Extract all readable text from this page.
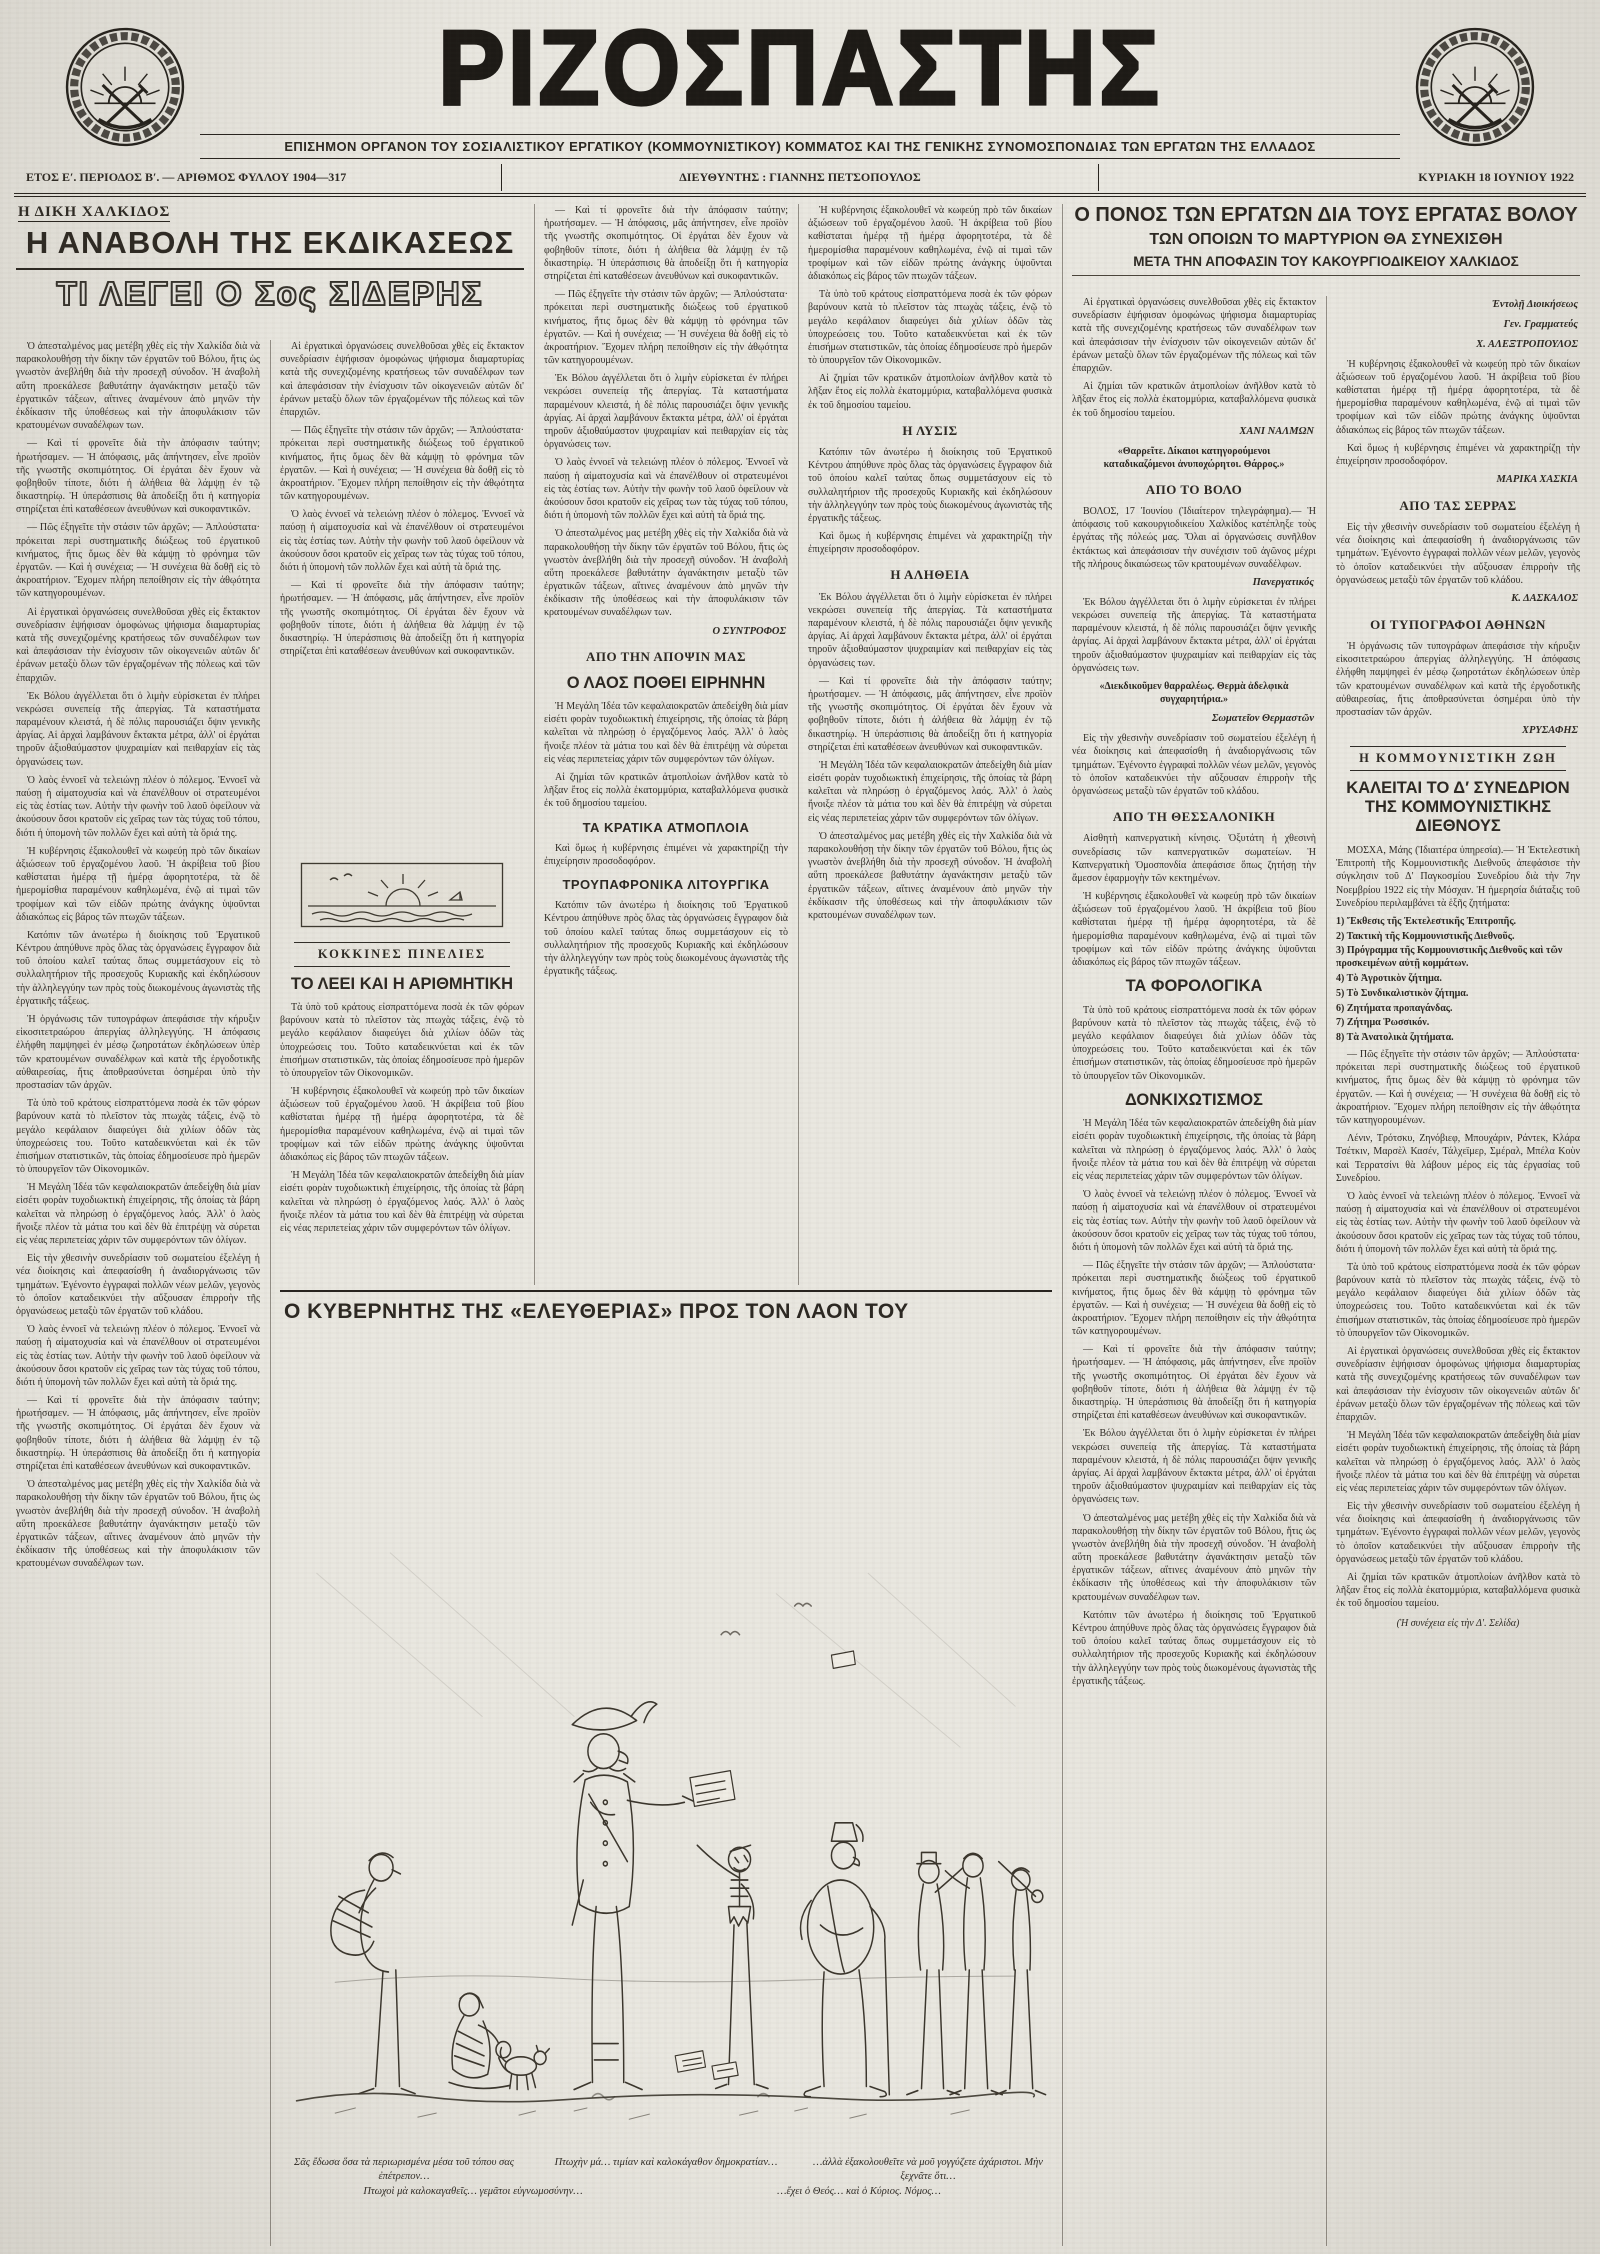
ΡΙΖΟΣΠΑΣΤΗΣ
ΕΠΙΣΗΜΟΝ ΟΡΓΑΝΟΝ ΤΟΥ ΣΟΣΙΑΛΙΣΤΙΚΟΥ ΕΡΓΑΤΙΚΟΥ (ΚΟΜΜΟΥΝΙΣΤΙΚΟΥ) ΚΟΜΜΑΤΟΣ ΚΑΙ ΤΗΣ ΓΕΝΙΚΗΣ ΣΥΝΟΜΟΣΠΟΝΔΙΑΣ ΤΩΝ ΕΡΓΑΤΩΝ ΤΗΣ ΕΛΛΑΔΟΣ
ΕΤΟΣ Ε′. ΠΕΡΙΟΔΟΣ Β′. — ΑΡΙΘΜΟΣ ΦΥΛΛΟΥ 1904—317	ΔΙΕΥΘΥΝΤΗΣ : ΓΙΑΝΝΗΣ ΠΕΤΣΟΠΟΥΛΟΣ	ΚΥΡΙΑΚΗ 18 ΙΟΥΝΙΟΥ 1922
Η ΔΙΚΗ ΧΑΛΚΙΔΟΣ
Η ΑΝΑΒΟΛΗ ΤΗΣ ΕΚΔΙΚΑΣΕΩΣ
ΤΙ ΛΕΓΕΙ Ο Σος ΣΙΔΕΡΗΣ
Ο ΠΟΝΟΣ ΤΩΝ ΕΡΓΑΤΩΝ ΔΙΑ ΤΟΥΣ ΕΡΓΑΤΑΣ ΒΟΛΟΥ
ΤΩΝ ΟΠΟΙΩΝ ΤΟ ΜΑΡΤΥΡΙΟΝ ΘΑ ΣΥΝΕΧΙΣΘΗ
ΜΕΤΑ ΤΗΝ ΑΠΟΦΑΣΙΝ ΤΟΥ ΚΑΚΟΥΡΓΙΟΔΙΚΕΙΟΥ ΧΑΛΚΙΔΟΣ

Ὁ ἀπεσταλμένος μας μετέβη χθὲς εἰς τὴν Χαλκίδα διὰ νὰ παρακολουθήσῃ τὴν δίκην τῶν ἐργατῶν τοῦ Βόλου, ἥτις ὡς γνωστὸν ἀνεβλήθη διὰ τὴν προσεχῆ σύνοδον. Ἡ ἀναβολὴ αὕτη προεκάλεσε βαθυτάτην ἀγανάκτησιν μεταξὺ τῶν ἐργατικῶν τάξεων, αἵτινες ἀναμένουν ἀπὸ μηνῶν τὴν ἐκδίκασιν τῆς ὑποθέσεως καὶ τὴν ἀποφυλάκισιν τῶν κρατουμένων συναδέλφων των.

— Καὶ τί φρονεῖτε διὰ τὴν ἀπόφασιν ταύτην; ἠρωτήσαμεν. — Ἡ ἀπόφασις, μᾶς ἀπήντησεν, εἶνε προϊὸν τῆς γνωστῆς σκοπιμότητος. Οἱ ἐργάται δὲν ἔχουν νὰ φοβηθοῦν τίποτε, διότι ἡ ἀλήθεια θὰ λάμψῃ ἐν τῷ δικαστηρίῳ. Ἡ ὑπεράσπισις θὰ ἀποδείξῃ ὅτι ἡ κατηγορία στηρίζεται ἐπὶ καταθέσεων ἀνευθύνων καὶ συκοφαντικῶν.

— Πῶς ἐξηγεῖτε τὴν στάσιν τῶν ἀρχῶν; — Ἁπλούστατα· πρόκειται περὶ συστηματικῆς διώξεως τοῦ ἐργατικοῦ κινήματος, ἥτις ὅμως δὲν θὰ κάμψῃ τὸ φρόνημα τῶν ἐργατῶν. — Καὶ ἡ συνέχεια; — Ἡ συνέχεια θὰ δοθῇ εἰς τὸ ἀκροατήριον. Ἔχομεν πλήρη πεποίθησιν εἰς τὴν ἀθῳότητα τῶν κατηγορουμένων.

Αἱ ἐργατικαὶ ὀργανώσεις συνελθοῦσαι χθὲς εἰς ἔκτακτον συνεδρίασιν ἐψήφισαν ὁμοφώνως ψήφισμα διαμαρτυρίας κατὰ τῆς συνεχιζομένης κρατήσεως τῶν συναδέλφων των καὶ ἀπεφάσισαν τὴν ἐνίσχυσιν τῶν οἰκογενειῶν αὐτῶν δι' ἐράνων μεταξὺ ὅλων τῶν ἐργαζομένων τῆς πόλεως καὶ τῶν ἐπαρχιῶν.

Ἐκ Βόλου ἀγγέλλεται ὅτι ὁ λιμὴν εὑρίσκεται ἐν πλήρει νεκρώσει συνεπείᾳ τῆς ἀπεργίας. Τὰ καταστήματα παραμένουν κλειστά, ἡ δὲ πόλις παρουσιάζει ὄψιν γενικῆς ἀργίας. Αἱ ἀρχαὶ λαμβάνουν ἔκτακτα μέτρα, ἀλλ' οἱ ἐργάται τηροῦν ἀξιοθαύμαστον ψυχραιμίαν καὶ πειθαρχίαν εἰς τὰς ὀργανώσεις των.

Ὁ λαὸς ἐννοεῖ νὰ τελειώνῃ πλέον ὁ πόλεμος. Ἐννοεῖ νὰ παύσῃ ἡ αἱματοχυσία καὶ νὰ ἐπανέλθουν οἱ στρατευμένοι εἰς τὰς ἑστίας των. Αὐτὴν τὴν φωνὴν τοῦ λαοῦ ὀφείλουν νὰ ἀκούσουν ὅσοι κρατοῦν εἰς χεῖρας των τὰς τύχας τοῦ τόπου, διότι ἡ ὑπομονὴ τῶν πολλῶν ἔχει καὶ αὐτὴ τὰ ὅριά της.

Ἡ κυβέρνησις ἐξακολουθεῖ νὰ κωφεύῃ πρὸ τῶν δικαίων ἀξιώσεων τοῦ ἐργαζομένου λαοῦ. Ἡ ἀκρίβεια τοῦ βίου καθίσταται ἡμέρᾳ τῇ ἡμέρᾳ ἀφορητοτέρα, τὰ δὲ ἡμερομίσθια παραμένουν καθηλωμένα, ἐνῷ αἱ τιμαὶ τῶν τροφίμων καὶ τῶν εἰδῶν πρώτης ἀνάγκης ὑψοῦνται ἀδιακόπως εἰς βάρος τῶν πτωχῶν τάξεων.

Κατόπιν τῶν ἀνωτέρω ἡ διοίκησις τοῦ Ἐργατικοῦ Κέντρου ἀπηύθυνε πρὸς ὅλας τὰς ὀργανώσεις ἔγγραφον διὰ τοῦ ὁποίου καλεῖ ταύτας ὅπως συμμετάσχουν εἰς τὸ συλλαλητήριον τῆς προσεχοῦς Κυριακῆς καὶ ἐκδηλώσουν τὴν ἀλληλεγγύην των πρὸς τοὺς διωκομένους ἀγωνιστὰς τῆς ἐργατικῆς τάξεως.

Ἡ ὀργάνωσις τῶν τυπογράφων ἀπεφάσισε τὴν κήρυξιν εἰκοσιτετραώρου ἀπεργίας ἀλληλεγγύης. Ἡ ἀπόφασις ἐλήφθη παμψηφεὶ ἐν μέσῳ ζωηροτάτων ἐκδηλώσεων ὑπὲρ τῶν κρατουμένων συναδέλφων καὶ κατὰ τῆς ἐργοδοτικῆς αὐθαιρεσίας, ἥτις ἀποθρασύνεται ὁσημέραι ὑπὸ τὴν προστασίαν τῶν ἀρχῶν.

Τὰ ὑπὸ τοῦ κράτους εἰσπραττόμενα ποσὰ ἐκ τῶν φόρων βαρύνουν κατὰ τὸ πλεῖστον τὰς πτωχὰς τάξεις, ἐνῷ τὸ μεγάλο κεφάλαιον διαφεύγει διὰ χιλίων ὁδῶν τὰς ὑποχρεώσεις του. Τοῦτο καταδεικνύεται καὶ ἐκ τῶν ἐπισήμων στατιστικῶν, τὰς ὁποίας ἐδημοσίευσε πρὸ ἡμερῶν τὸ ὑπουργεῖον τῶν Οἰκονομικῶν.

Ἡ Μεγάλη Ἰδέα τῶν κεφαλαιοκρατῶν ἀπεδείχθη διὰ μίαν εἰσέτι φορὰν τυχοδιωκτικὴ ἐπιχείρησις, τῆς ὁποίας τὰ βάρη καλεῖται νὰ πληρώσῃ ὁ ἐργαζόμενος λαός. Ἀλλ' ὁ λαὸς ἤνοιξε πλέον τὰ μάτια του καὶ δὲν θὰ ἐπιτρέψῃ νὰ σύρεται εἰς νέας περιπετείας χάριν τῶν συμφερόντων τῶν ὀλίγων.

Εἰς τὴν χθεσινὴν συνεδρίασιν τοῦ σωματείου ἐξελέγη ἡ νέα διοίκησις καὶ ἀπεφασίσθη ἡ ἀναδιοργάνωσις τῶν τμημάτων. Ἐγένοντο ἐγγραφαὶ πολλῶν νέων μελῶν, γεγονὸς τὸ ὁποῖον καταδεικνύει τὴν αὔξουσαν ἐπιρροὴν τῆς ὀργανώσεως μεταξὺ τῶν ἐργατῶν τοῦ κλάδου.

Ὁ λαὸς ἐννοεῖ νὰ τελειώνῃ πλέον ὁ πόλεμος. Ἐννοεῖ νὰ παύσῃ ἡ αἱματοχυσία καὶ νὰ ἐπανέλθουν οἱ στρατευμένοι εἰς τὰς ἑστίας των. Αὐτὴν τὴν φωνὴν τοῦ λαοῦ ὀφείλουν νὰ ἀκούσουν ὅσοι κρατοῦν εἰς χεῖρας των τὰς τύχας τοῦ τόπου, διότι ἡ ὑπομονὴ τῶν πολλῶν ἔχει καὶ αὐτὴ τὰ ὅριά της.

— Καὶ τί φρονεῖτε διὰ τὴν ἀπόφασιν ταύτην; ἠρωτήσαμεν. — Ἡ ἀπόφασις, μᾶς ἀπήντησεν, εἶνε προϊὸν τῆς γνωστῆς σκοπιμότητος. Οἱ ἐργάται δὲν ἔχουν νὰ φοβηθοῦν τίποτε, διότι ἡ ἀλήθεια θὰ λάμψῃ ἐν τῷ δικαστηρίῳ. Ἡ ὑπεράσπισις θὰ ἀποδείξῃ ὅτι ἡ κατηγορία στηρίζεται ἐπὶ καταθέσεων ἀνευθύνων καὶ συκοφαντικῶν.

Ὁ ἀπεσταλμένος μας μετέβη χθὲς εἰς τὴν Χαλκίδα διὰ νὰ παρακολουθήσῃ τὴν δίκην τῶν ἐργατῶν τοῦ Βόλου, ἥτις ὡς γνωστὸν ἀνεβλήθη διὰ τὴν προσεχῆ σύνοδον. Ἡ ἀναβολὴ αὕτη προεκάλεσε βαθυτάτην ἀγανάκτησιν μεταξὺ τῶν ἐργατικῶν τάξεων, αἵτινες ἀναμένουν ἀπὸ μηνῶν τὴν ἐκδίκασιν τῆς ὑποθέσεως καὶ τὴν ἀποφυλάκισιν τῶν κρατουμένων συναδέλφων των.

Αἱ ἐργατικαὶ ὀργανώσεις συνελθοῦσαι χθὲς εἰς ἔκτακτον συνεδρίασιν ἐψήφισαν ὁμοφώνως ψήφισμα διαμαρτυρίας κατὰ τῆς συνεχιζομένης κρατήσεως τῶν συναδέλφων των καὶ ἀπεφάσισαν τὴν ἐνίσχυσιν τῶν οἰκογενειῶν αὐτῶν δι' ἐράνων μεταξὺ ὅλων τῶν ἐργαζομένων τῆς πόλεως καὶ τῶν ἐπαρχιῶν.

— Πῶς ἐξηγεῖτε τὴν στάσιν τῶν ἀρχῶν; — Ἁπλούστατα· πρόκειται περὶ συστηματικῆς διώξεως τοῦ ἐργατικοῦ κινήματος, ἥτις ὅμως δὲν θὰ κάμψῃ τὸ φρόνημα τῶν ἐργατῶν. — Καὶ ἡ συνέχεια; — Ἡ συνέχεια θὰ δοθῇ εἰς τὸ ἀκροατήριον. Ἔχομεν πλήρη πεποίθησιν εἰς τὴν ἀθῳότητα τῶν κατηγορουμένων.

Ὁ λαὸς ἐννοεῖ νὰ τελειώνῃ πλέον ὁ πόλεμος. Ἐννοεῖ νὰ παύσῃ ἡ αἱματοχυσία καὶ νὰ ἐπανέλθουν οἱ στρατευμένοι εἰς τὰς ἑστίας των. Αὐτὴν τὴν φωνὴν τοῦ λαοῦ ὀφείλουν νὰ ἀκούσουν ὅσοι κρατοῦν εἰς χεῖρας των τὰς τύχας τοῦ τόπου, διότι ἡ ὑπομονὴ τῶν πολλῶν ἔχει καὶ αὐτὴ τὰ ὅριά της.

— Καὶ τί φρονεῖτε διὰ τὴν ἀπόφασιν ταύτην; ἠρωτήσαμεν. — Ἡ ἀπόφασις, μᾶς ἀπήντησεν, εἶνε προϊὸν τῆς γνωστῆς σκοπιμότητος. Οἱ ἐργάται δὲν ἔχουν νὰ φοβηθοῦν τίποτε, διότι ἡ ἀλήθεια θὰ λάμψῃ ἐν τῷ δικαστηρίῳ. Ἡ ὑπεράσπισις θὰ ἀποδείξῃ ὅτι ἡ κατηγορία στηρίζεται ἐπὶ καταθέσεων ἀνευθύνων καὶ συκοφαντικῶν.

ΚΟΚΚΙΝΕΣ ΠΙΝΕΛΙΕΣ
ΤΟ ΛΕΕΙ ΚΑΙ Η ΑΡΙΘΜΗΤΙΚΗ

Τὰ ὑπὸ τοῦ κράτους εἰσπραττόμενα ποσὰ ἐκ τῶν φόρων βαρύνουν κατὰ τὸ πλεῖστον τὰς πτωχὰς τάξεις, ἐνῷ τὸ μεγάλο κεφάλαιον διαφεύγει διὰ χιλίων ὁδῶν τὰς ὑποχρεώσεις του. Τοῦτο καταδεικνύεται καὶ ἐκ τῶν ἐπισήμων στατιστικῶν, τὰς ὁποίας ἐδημοσίευσε πρὸ ἡμερῶν τὸ ὑπουργεῖον τῶν Οἰκονομικῶν.

Ἡ κυβέρνησις ἐξακολουθεῖ νὰ κωφεύῃ πρὸ τῶν δικαίων ἀξιώσεων τοῦ ἐργαζομένου λαοῦ. Ἡ ἀκρίβεια τοῦ βίου καθίσταται ἡμέρᾳ τῇ ἡμέρᾳ ἀφορητοτέρα, τὰ δὲ ἡμερομίσθια παραμένουν καθηλωμένα, ἐνῷ αἱ τιμαὶ τῶν τροφίμων καὶ τῶν εἰδῶν πρώτης ἀνάγκης ὑψοῦνται ἀδιακόπως εἰς βάρος τῶν πτωχῶν τάξεων.

Ἡ Μεγάλη Ἰδέα τῶν κεφαλαιοκρατῶν ἀπεδείχθη διὰ μίαν εἰσέτι φορὰν τυχοδιωκτικὴ ἐπιχείρησις, τῆς ὁποίας τὰ βάρη καλεῖται νὰ πληρώσῃ ὁ ἐργαζόμενος λαός. Ἀλλ' ὁ λαὸς ἤνοιξε πλέον τὰ μάτια του καὶ δὲν θὰ ἐπιτρέψῃ νὰ σύρεται εἰς νέας περιπετείας χάριν τῶν συμφερόντων τῶν ὀλίγων.

— Καὶ τί φρονεῖτε διὰ τὴν ἀπόφασιν ταύτην; ἠρωτήσαμεν. — Ἡ ἀπόφασις, μᾶς ἀπήντησεν, εἶνε προϊὸν τῆς γνωστῆς σκοπιμότητος. Οἱ ἐργάται δὲν ἔχουν νὰ φοβηθοῦν τίποτε, διότι ἡ ἀλήθεια θὰ λάμψῃ ἐν τῷ δικαστηρίῳ. Ἡ ὑπεράσπισις θὰ ἀποδείξῃ ὅτι ἡ κατηγορία στηρίζεται ἐπὶ καταθέσεων ἀνευθύνων καὶ συκοφαντικῶν.

— Πῶς ἐξηγεῖτε τὴν στάσιν τῶν ἀρχῶν; — Ἁπλούστατα· πρόκειται περὶ συστηματικῆς διώξεως τοῦ ἐργατικοῦ κινήματος, ἥτις ὅμως δὲν θὰ κάμψῃ τὸ φρόνημα τῶν ἐργατῶν. — Καὶ ἡ συνέχεια; — Ἡ συνέχεια θὰ δοθῇ εἰς τὸ ἀκροατήριον. Ἔχομεν πλήρη πεποίθησιν εἰς τὴν ἀθῳότητα τῶν κατηγορουμένων.

Ἐκ Βόλου ἀγγέλλεται ὅτι ὁ λιμὴν εὑρίσκεται ἐν πλήρει νεκρώσει συνεπείᾳ τῆς ἀπεργίας. Τὰ καταστήματα παραμένουν κλειστά, ἡ δὲ πόλις παρουσιάζει ὄψιν γενικῆς ἀργίας. Αἱ ἀρχαὶ λαμβάνουν ἔκτακτα μέτρα, ἀλλ' οἱ ἐργάται τηροῦν ἀξιοθαύμαστον ψυχραιμίαν καὶ πειθαρχίαν εἰς τὰς ὀργανώσεις των.

Ὁ λαὸς ἐννοεῖ νὰ τελειώνῃ πλέον ὁ πόλεμος. Ἐννοεῖ νὰ παύσῃ ἡ αἱματοχυσία καὶ νὰ ἐπανέλθουν οἱ στρατευμένοι εἰς τὰς ἑστίας των. Αὐτὴν τὴν φωνὴν τοῦ λαοῦ ὀφείλουν νὰ ἀκούσουν ὅσοι κρατοῦν εἰς χεῖρας των τὰς τύχας τοῦ τόπου, διότι ἡ ὑπομονὴ τῶν πολλῶν ἔχει καὶ αὐτὴ τὰ ὅριά της.

Ὁ ἀπεσταλμένος μας μετέβη χθὲς εἰς τὴν Χαλκίδα διὰ νὰ παρακολουθήσῃ τὴν δίκην τῶν ἐργατῶν τοῦ Βόλου, ἥτις ὡς γνωστὸν ἀνεβλήθη διὰ τὴν προσεχῆ σύνοδον. Ἡ ἀναβολὴ αὕτη προεκάλεσε βαθυτάτην ἀγανάκτησιν μεταξὺ τῶν ἐργατικῶν τάξεων, αἵτινες ἀναμένουν ἀπὸ μηνῶν τὴν ἐκδίκασιν τῆς ὑποθέσεως καὶ τὴν ἀποφυλάκισιν τῶν κρατουμένων συναδέλφων των.

Ο ΣΥΝΤΡΟΦΟΣ
ΑΠΟ ΤΗΝ ΑΠΟΨΙΝ ΜΑΣ
Ο ΛΑΟΣ ΠΟΘΕΙ ΕΙΡΗΝΗΝ

Ἡ Μεγάλη Ἰδέα τῶν κεφαλαιοκρατῶν ἀπεδείχθη διὰ μίαν εἰσέτι φορὰν τυχοδιωκτικὴ ἐπιχείρησις, τῆς ὁποίας τὰ βάρη καλεῖται νὰ πληρώσῃ ὁ ἐργαζόμενος λαός. Ἀλλ' ὁ λαὸς ἤνοιξε πλέον τὰ μάτια του καὶ δὲν θὰ ἐπιτρέψῃ νὰ σύρεται εἰς νέας περιπετείας χάριν τῶν συμφερόντων τῶν ὀλίγων.

Αἱ ζημίαι τῶν κρατικῶν ἀτμοπλοίων ἀνῆλθον κατὰ τὸ λῆξαν ἔτος εἰς πολλὰ ἑκατομμύρια, καταβαλλόμενα φυσικὰ ἐκ τοῦ δημοσίου ταμείου.

ΤΑ ΚΡΑΤΙΚΑ ΑΤΜΟΠΛΟΙΑ

Καὶ ὅμως ἡ κυβέρνησις ἐπιμένει νὰ χαρακτηρίζῃ τὴν ἐπιχείρησιν προσοδοφόρον.

ΤΡΟΥΠΑΦΡΟΝΙΚΑ ΛΙΤΟΥΡΓΙΚΑ

Κατόπιν τῶν ἀνωτέρω ἡ διοίκησις τοῦ Ἐργατικοῦ Κέντρου ἀπηύθυνε πρὸς ὅλας τὰς ὀργανώσεις ἔγγραφον διὰ τοῦ ὁποίου καλεῖ ταύτας ὅπως συμμετάσχουν εἰς τὸ συλλαλητήριον τῆς προσεχοῦς Κυριακῆς καὶ ἐκδηλώσουν τὴν ἀλληλεγγύην των πρὸς τοὺς διωκομένους ἀγωνιστὰς τῆς ἐργατικῆς τάξεως.

Ἡ κυβέρνησις ἐξακολουθεῖ νὰ κωφεύῃ πρὸ τῶν δικαίων ἀξιώσεων τοῦ ἐργαζομένου λαοῦ. Ἡ ἀκρίβεια τοῦ βίου καθίσταται ἡμέρᾳ τῇ ἡμέρᾳ ἀφορητοτέρα, τὰ δὲ ἡμερομίσθια παραμένουν καθηλωμένα, ἐνῷ αἱ τιμαὶ τῶν τροφίμων καὶ τῶν εἰδῶν πρώτης ἀνάγκης ὑψοῦνται ἀδιακόπως εἰς βάρος τῶν πτωχῶν τάξεων.

Τὰ ὑπὸ τοῦ κράτους εἰσπραττόμενα ποσὰ ἐκ τῶν φόρων βαρύνουν κατὰ τὸ πλεῖστον τὰς πτωχὰς τάξεις, ἐνῷ τὸ μεγάλο κεφάλαιον διαφεύγει διὰ χιλίων ὁδῶν τὰς ὑποχρεώσεις του. Τοῦτο καταδεικνύεται καὶ ἐκ τῶν ἐπισήμων στατιστικῶν, τὰς ὁποίας ἐδημοσίευσε πρὸ ἡμερῶν τὸ ὑπουργεῖον τῶν Οἰκονομικῶν.

Αἱ ζημίαι τῶν κρατικῶν ἀτμοπλοίων ἀνῆλθον κατὰ τὸ λῆξαν ἔτος εἰς πολλὰ ἑκατομμύρια, καταβαλλόμενα φυσικὰ ἐκ τοῦ δημοσίου ταμείου.

Η ΛΥΣΙΣ

Κατόπιν τῶν ἀνωτέρω ἡ διοίκησις τοῦ Ἐργατικοῦ Κέντρου ἀπηύθυνε πρὸς ὅλας τὰς ὀργανώσεις ἔγγραφον διὰ τοῦ ὁποίου καλεῖ ταύτας ὅπως συμμετάσχουν εἰς τὸ συλλαλητήριον τῆς προσεχοῦς Κυριακῆς καὶ ἐκδηλώσουν τὴν ἀλληλεγγύην των πρὸς τοὺς διωκομένους ἀγωνιστὰς τῆς ἐργατικῆς τάξεως.

Καὶ ὅμως ἡ κυβέρνησις ἐπιμένει νὰ χαρακτηρίζῃ τὴν ἐπιχείρησιν προσοδοφόρον.

Η ΑΛΗΘΕΙΑ

Ἐκ Βόλου ἀγγέλλεται ὅτι ὁ λιμὴν εὑρίσκεται ἐν πλήρει νεκρώσει συνεπείᾳ τῆς ἀπεργίας. Τὰ καταστήματα παραμένουν κλειστά, ἡ δὲ πόλις παρουσιάζει ὄψιν γενικῆς ἀργίας. Αἱ ἀρχαὶ λαμβάνουν ἔκτακτα μέτρα, ἀλλ' οἱ ἐργάται τηροῦν ἀξιοθαύμαστον ψυχραιμίαν καὶ πειθαρχίαν εἰς τὰς ὀργανώσεις των.

— Καὶ τί φρονεῖτε διὰ τὴν ἀπόφασιν ταύτην; ἠρωτήσαμεν. — Ἡ ἀπόφασις, μᾶς ἀπήντησεν, εἶνε προϊὸν τῆς γνωστῆς σκοπιμότητος. Οἱ ἐργάται δὲν ἔχουν νὰ φοβηθοῦν τίποτε, διότι ἡ ἀλήθεια θὰ λάμψῃ ἐν τῷ δικαστηρίῳ. Ἡ ὑπεράσπισις θὰ ἀποδείξῃ ὅτι ἡ κατηγορία στηρίζεται ἐπὶ καταθέσεων ἀνευθύνων καὶ συκοφαντικῶν.

Ἡ Μεγάλη Ἰδέα τῶν κεφαλαιοκρατῶν ἀπεδείχθη διὰ μίαν εἰσέτι φορὰν τυχοδιωκτικὴ ἐπιχείρησις, τῆς ὁποίας τὰ βάρη καλεῖται νὰ πληρώσῃ ὁ ἐργαζόμενος λαός. Ἀλλ' ὁ λαὸς ἤνοιξε πλέον τὰ μάτια του καὶ δὲν θὰ ἐπιτρέψῃ νὰ σύρεται εἰς νέας περιπετείας χάριν τῶν συμφερόντων τῶν ὀλίγων.

Ὁ ἀπεσταλμένος μας μετέβη χθὲς εἰς τὴν Χαλκίδα διὰ νὰ παρακολουθήσῃ τὴν δίκην τῶν ἐργατῶν τοῦ Βόλου, ἥτις ὡς γνωστὸν ἀνεβλήθη διὰ τὴν προσεχῆ σύνοδον. Ἡ ἀναβολὴ αὕτη προεκάλεσε βαθυτάτην ἀγανάκτησιν μεταξὺ τῶν ἐργατικῶν τάξεων, αἵτινες ἀναμένουν ἀπὸ μηνῶν τὴν ἐκδίκασιν τῆς ὑποθέσεως καὶ τὴν ἀποφυλάκισιν τῶν κρατουμένων συναδέλφων των.

Αἱ ἐργατικαὶ ὀργανώσεις συνελθοῦσαι χθὲς εἰς ἔκτακτον συνεδρίασιν ἐψήφισαν ὁμοφώνως ψήφισμα διαμαρτυρίας κατὰ τῆς συνεχιζομένης κρατήσεως τῶν συναδέλφων των καὶ ἀπεφάσισαν τὴν ἐνίσχυσιν τῶν οἰκογενειῶν αὐτῶν δι' ἐράνων μεταξὺ ὅλων τῶν ἐργαζομένων τῆς πόλεως καὶ τῶν ἐπαρχιῶν.

Αἱ ζημίαι τῶν κρατικῶν ἀτμοπλοίων ἀνῆλθον κατὰ τὸ λῆξαν ἔτος εἰς πολλὰ ἑκατομμύρια, καταβαλλόμενα φυσικὰ ἐκ τοῦ δημοσίου ταμείου.

ΧΑΝΙ ΝΑΛΜΩΝ
«Θαρρεῖτε. Δίκαιοι κατηγορούμενοι καταδικαζόμενοι ἀνυποχώρητοι. Θάρρος.»
ΑΠΟ ΤΟ ΒΟΛΟ

ΒΟΛΟΣ, 17 Ἰουνίου (Ἰδιαίτερον τηλεγράφημα).— Ἡ ἀπόφασις τοῦ κακουργιοδικείου Χαλκίδος κατέπληξε τοὺς ἐργάτας τῆς πόλεώς μας. Ὅλαι αἱ ὀργανώσεις συνῆλθον ἐκτάκτως καὶ ἀπεφάσισαν τὴν συνέχισιν τοῦ ἀγῶνος μέχρι τῆς πλήρους δικαιώσεως τῶν κρατουμένων συναδέλφων.

Πανεργατικός

Ἐκ Βόλου ἀγγέλλεται ὅτι ὁ λιμὴν εὑρίσκεται ἐν πλήρει νεκρώσει συνεπείᾳ τῆς ἀπεργίας. Τὰ καταστήματα παραμένουν κλειστά, ἡ δὲ πόλις παρουσιάζει ὄψιν γενικῆς ἀργίας. Αἱ ἀρχαὶ λαμβάνουν ἔκτακτα μέτρα, ἀλλ' οἱ ἐργάται τηροῦν ἀξιοθαύμαστον ψυχραιμίαν καὶ πειθαρχίαν εἰς τὰς ὀργανώσεις των.

«Διεκδικοῦμεν θαρραλέως. Θερμὰ ἀδελφικὰ συγχαρητήρια.»
Σωματεῖον Θερμαστῶν

Εἰς τὴν χθεσινὴν συνεδρίασιν τοῦ σωματείου ἐξελέγη ἡ νέα διοίκησις καὶ ἀπεφασίσθη ἡ ἀναδιοργάνωσις τῶν τμημάτων. Ἐγένοντο ἐγγραφαὶ πολλῶν νέων μελῶν, γεγονὸς τὸ ὁποῖον καταδεικνύει τὴν αὔξουσαν ἐπιρροὴν τῆς ὀργανώσεως μεταξὺ τῶν ἐργατῶν τοῦ κλάδου.

ΑΠΟ ΤΗ ΘΕΣΣΑΛΟΝΙΚΗ

Αἰσθητὴ καπνεργατικὴ κίνησις. Ὀξυτάτη ἡ χθεσινὴ συνεδρίασις τῶν καπνεργατικῶν σωματείων. Ἡ Καπνεργατικὴ Ὁμοσπονδία ἀπεφάσισε ὅπως ζητήσῃ τὴν ἄμεσον ἐφαρμογὴν τῶν κεκτημένων.

Ἡ κυβέρνησις ἐξακολουθεῖ νὰ κωφεύῃ πρὸ τῶν δικαίων ἀξιώσεων τοῦ ἐργαζομένου λαοῦ. Ἡ ἀκρίβεια τοῦ βίου καθίσταται ἡμέρᾳ τῇ ἡμέρᾳ ἀφορητοτέρα, τὰ δὲ ἡμερομίσθια παραμένουν καθηλωμένα, ἐνῷ αἱ τιμαὶ τῶν τροφίμων καὶ τῶν εἰδῶν πρώτης ἀνάγκης ὑψοῦνται ἀδιακόπως εἰς βάρος τῶν πτωχῶν τάξεων.

ΤΑ ΦΟΡΟΛΟΓΙΚΑ

Τὰ ὑπὸ τοῦ κράτους εἰσπραττόμενα ποσὰ ἐκ τῶν φόρων βαρύνουν κατὰ τὸ πλεῖστον τὰς πτωχὰς τάξεις, ἐνῷ τὸ μεγάλο κεφάλαιον διαφεύγει διὰ χιλίων ὁδῶν τὰς ὑποχρεώσεις του. Τοῦτο καταδεικνύεται καὶ ἐκ τῶν ἐπισήμων στατιστικῶν, τὰς ὁποίας ἐδημοσίευσε πρὸ ἡμερῶν τὸ ὑπουργεῖον τῶν Οἰκονομικῶν.

ΔΟΝΚΙΧΩΤΙΣΜΟΣ

Ἡ Μεγάλη Ἰδέα τῶν κεφαλαιοκρατῶν ἀπεδείχθη διὰ μίαν εἰσέτι φορὰν τυχοδιωκτικὴ ἐπιχείρησις, τῆς ὁποίας τὰ βάρη καλεῖται νὰ πληρώσῃ ὁ ἐργαζόμενος λαός. Ἀλλ' ὁ λαὸς ἤνοιξε πλέον τὰ μάτια του καὶ δὲν θὰ ἐπιτρέψῃ νὰ σύρεται εἰς νέας περιπετείας χάριν τῶν συμφερόντων τῶν ὀλίγων.

Ὁ λαὸς ἐννοεῖ νὰ τελειώνῃ πλέον ὁ πόλεμος. Ἐννοεῖ νὰ παύσῃ ἡ αἱματοχυσία καὶ νὰ ἐπανέλθουν οἱ στρατευμένοι εἰς τὰς ἑστίας των. Αὐτὴν τὴν φωνὴν τοῦ λαοῦ ὀφείλουν νὰ ἀκούσουν ὅσοι κρατοῦν εἰς χεῖρας των τὰς τύχας τοῦ τόπου, διότι ἡ ὑπομονὴ τῶν πολλῶν ἔχει καὶ αὐτὴ τὰ ὅριά της.

— Πῶς ἐξηγεῖτε τὴν στάσιν τῶν ἀρχῶν; — Ἁπλούστατα· πρόκειται περὶ συστηματικῆς διώξεως τοῦ ἐργατικοῦ κινήματος, ἥτις ὅμως δὲν θὰ κάμψῃ τὸ φρόνημα τῶν ἐργατῶν. — Καὶ ἡ συνέχεια; — Ἡ συνέχεια θὰ δοθῇ εἰς τὸ ἀκροατήριον. Ἔχομεν πλήρη πεποίθησιν εἰς τὴν ἀθῳότητα τῶν κατηγορουμένων.

— Καὶ τί φρονεῖτε διὰ τὴν ἀπόφασιν ταύτην; ἠρωτήσαμεν. — Ἡ ἀπόφασις, μᾶς ἀπήντησεν, εἶνε προϊὸν τῆς γνωστῆς σκοπιμότητος. Οἱ ἐργάται δὲν ἔχουν νὰ φοβηθοῦν τίποτε, διότι ἡ ἀλήθεια θὰ λάμψῃ ἐν τῷ δικαστηρίῳ. Ἡ ὑπεράσπισις θὰ ἀποδείξῃ ὅτι ἡ κατηγορία στηρίζεται ἐπὶ καταθέσεων ἀνευθύνων καὶ συκοφαντικῶν.

Ἐκ Βόλου ἀγγέλλεται ὅτι ὁ λιμὴν εὑρίσκεται ἐν πλήρει νεκρώσει συνεπείᾳ τῆς ἀπεργίας. Τὰ καταστήματα παραμένουν κλειστά, ἡ δὲ πόλις παρουσιάζει ὄψιν γενικῆς ἀργίας. Αἱ ἀρχαὶ λαμβάνουν ἔκτακτα μέτρα, ἀλλ' οἱ ἐργάται τηροῦν ἀξιοθαύμαστον ψυχραιμίαν καὶ πειθαρχίαν εἰς τὰς ὀργανώσεις των.

Ὁ ἀπεσταλμένος μας μετέβη χθὲς εἰς τὴν Χαλκίδα διὰ νὰ παρακολουθήσῃ τὴν δίκην τῶν ἐργατῶν τοῦ Βόλου, ἥτις ὡς γνωστὸν ἀνεβλήθη διὰ τὴν προσεχῆ σύνοδον. Ἡ ἀναβολὴ αὕτη προεκάλεσε βαθυτάτην ἀγανάκτησιν μεταξὺ τῶν ἐργατικῶν τάξεων, αἵτινες ἀναμένουν ἀπὸ μηνῶν τὴν ἐκδίκασιν τῆς ὑποθέσεως καὶ τὴν ἀποφυλάκισιν τῶν κρατουμένων συναδέλφων των.

Κατόπιν τῶν ἀνωτέρω ἡ διοίκησις τοῦ Ἐργατικοῦ Κέντρου ἀπηύθυνε πρὸς ὅλας τὰς ὀργανώσεις ἔγγραφον διὰ τοῦ ὁποίου καλεῖ ταύτας ὅπως συμμετάσχουν εἰς τὸ συλλαλητήριον τῆς προσεχοῦς Κυριακῆς καὶ ἐκδηλώσουν τὴν ἀλληλεγγύην των πρὸς τοὺς διωκομένους ἀγωνιστὰς τῆς ἐργατικῆς τάξεως.

Ἐντολῇ Διοικήσεως
Γεν. Γραμματεύς
Χ. ΑΛΕΞΤΡΟΠΟΥΛΟΣ

Ἡ κυβέρνησις ἐξακολουθεῖ νὰ κωφεύῃ πρὸ τῶν δικαίων ἀξιώσεων τοῦ ἐργαζομένου λαοῦ. Ἡ ἀκρίβεια τοῦ βίου καθίσταται ἡμέρᾳ τῇ ἡμέρᾳ ἀφορητοτέρα, τὰ δὲ ἡμερομίσθια παραμένουν καθηλωμένα, ἐνῷ αἱ τιμαὶ τῶν τροφίμων καὶ τῶν εἰδῶν πρώτης ἀνάγκης ὑψοῦνται ἀδιακόπως εἰς βάρος τῶν πτωχῶν τάξεων.

Καὶ ὅμως ἡ κυβέρνησις ἐπιμένει νὰ χαρακτηρίζῃ τὴν ἐπιχείρησιν προσοδοφόρον.

ΜΑΡΙΚΑ ΧΑΣΚΙΑ
ΑΠΟ ΤΑΣ ΣΕΡΡΑΣ

Εἰς τὴν χθεσινὴν συνεδρίασιν τοῦ σωματείου ἐξελέγη ἡ νέα διοίκησις καὶ ἀπεφασίσθη ἡ ἀναδιοργάνωσις τῶν τμημάτων. Ἐγένοντο ἐγγραφαὶ πολλῶν νέων μελῶν, γεγονὸς τὸ ὁποῖον καταδεικνύει τὴν αὔξουσαν ἐπιρροὴν τῆς ὀργανώσεως μεταξὺ τῶν ἐργατῶν τοῦ κλάδου.

Κ. ΔΑΣΚΑΛΟΣ
ΟΙ ΤΥΠΟΓΡΑΦΟΙ ΑΘΗΝΩΝ

Ἡ ὀργάνωσις τῶν τυπογράφων ἀπεφάσισε τὴν κήρυξιν εἰκοσιτετραώρου ἀπεργίας ἀλληλεγγύης. Ἡ ἀπόφασις ἐλήφθη παμψηφεὶ ἐν μέσῳ ζωηροτάτων ἐκδηλώσεων ὑπὲρ τῶν κρατουμένων συναδέλφων καὶ κατὰ τῆς ἐργοδοτικῆς αὐθαιρεσίας, ἥτις ἀποθρασύνεται ὁσημέραι ὑπὸ τὴν προστασίαν τῶν ἀρχῶν.

ΧΡΥΣΑΦΗΣ
Η ΚΟΜΜΟΥΝΙΣΤΙΚΗ ΖΩΗ
ΚΑΛΕΙΤΑΙ ΤΟ Δ′ ΣΥΝΕΔΡΙΟΝ ΤΗΣ ΚΟΜΜΟΥΝΙΣΤΙΚΗΣ ΔΙΕΘΝΟΥΣ

ΜΟΣΧΑ, Μάης (Ἰδιαιτέρα ὑπηρεσία).— Ἡ Ἐκτελεστικὴ Ἐπιτροπὴ τῆς Κομμουνιστικῆς Διεθνοῦς ἀπεφάσισε τὴν σύγκλησιν τοῦ Δ′ Παγκοσμίου Συνεδρίου διὰ τὴν 7ην Νοεμβρίου 1922 εἰς τὴν Μόσχαν. Ἡ ἡμερησία διάταξις τοῦ Συνεδρίου περιλαμβάνει τὰ ἑξῆς ζητήματα:

1) Ἔκθεσις τῆς Ἐκτελεστικῆς Ἐπιτροπῆς.

2) Τακτικὴ τῆς Κομμουνιστικῆς Διεθνοῦς.

3) Πρόγραμμα τῆς Κομμουνιστικῆς Διεθνοῦς καὶ τῶν προσκειμένων αὐτῇ κομμάτων.

4) Τὸ Ἀγροτικὸν ζήτημα.

5) Τὸ Συνδικαλιστικὸν ζήτημα.

6) Ζητήματα προπαγάνδας.

7) Ζήτημα Ῥωσσικόν.

8) Τὰ Ἀνατολικὰ ζητήματα.

— Πῶς ἐξηγεῖτε τὴν στάσιν τῶν ἀρχῶν; — Ἁπλούστατα· πρόκειται περὶ συστηματικῆς διώξεως τοῦ ἐργατικοῦ κινήματος, ἥτις ὅμως δὲν θὰ κάμψῃ τὸ φρόνημα τῶν ἐργατῶν. — Καὶ ἡ συνέχεια; — Ἡ συνέχεια θὰ δοθῇ εἰς τὸ ἀκροατήριον. Ἔχομεν πλήρη πεποίθησιν εἰς τὴν ἀθῳότητα τῶν κατηγορουμένων.

Λένιν, Τρότσκυ, Ζηνόβιεφ, Μπουχάριν, Ράντεκ, Κλάρα Τσέτκιν, Μαρσὲλ Κασέν, Τάλχεϊμερ, Σμέραλ, Μπέλα Κοὺν καὶ Τερρατσίνι θὰ λάβουν μέρος εἰς τὰς ἐργασίας τοῦ Συνεδρίου.

Ὁ λαὸς ἐννοεῖ νὰ τελειώνῃ πλέον ὁ πόλεμος. Ἐννοεῖ νὰ παύσῃ ἡ αἱματοχυσία καὶ νὰ ἐπανέλθουν οἱ στρατευμένοι εἰς τὰς ἑστίας των. Αὐτὴν τὴν φωνὴν τοῦ λαοῦ ὀφείλουν νὰ ἀκούσουν ὅσοι κρατοῦν εἰς χεῖρας των τὰς τύχας τοῦ τόπου, διότι ἡ ὑπομονὴ τῶν πολλῶν ἔχει καὶ αὐτὴ τὰ ὅριά της.

Τὰ ὑπὸ τοῦ κράτους εἰσπραττόμενα ποσὰ ἐκ τῶν φόρων βαρύνουν κατὰ τὸ πλεῖστον τὰς πτωχὰς τάξεις, ἐνῷ τὸ μεγάλο κεφάλαιον διαφεύγει διὰ χιλίων ὁδῶν τὰς ὑποχρεώσεις του. Τοῦτο καταδεικνύεται καὶ ἐκ τῶν ἐπισήμων στατιστικῶν, τὰς ὁποίας ἐδημοσίευσε πρὸ ἡμερῶν τὸ ὑπουργεῖον τῶν Οἰκονομικῶν.

Αἱ ἐργατικαὶ ὀργανώσεις συνελθοῦσαι χθὲς εἰς ἔκτακτον συνεδρίασιν ἐψήφισαν ὁμοφώνως ψήφισμα διαμαρτυρίας κατὰ τῆς συνεχιζομένης κρατήσεως τῶν συναδέλφων των καὶ ἀπεφάσισαν τὴν ἐνίσχυσιν τῶν οἰκογενειῶν αὐτῶν δι' ἐράνων μεταξὺ ὅλων τῶν ἐργαζομένων τῆς πόλεως καὶ τῶν ἐπαρχιῶν.

Ἡ Μεγάλη Ἰδέα τῶν κεφαλαιοκρατῶν ἀπεδείχθη διὰ μίαν εἰσέτι φορὰν τυχοδιωκτικὴ ἐπιχείρησις, τῆς ὁποίας τὰ βάρη καλεῖται νὰ πληρώσῃ ὁ ἐργαζόμενος λαός. Ἀλλ' ὁ λαὸς ἤνοιξε πλέον τὰ μάτια του καὶ δὲν θὰ ἐπιτρέψῃ νὰ σύρεται εἰς νέας περιπετείας χάριν τῶν συμφερόντων τῶν ὀλίγων.

Εἰς τὴν χθεσινὴν συνεδρίασιν τοῦ σωματείου ἐξελέγη ἡ νέα διοίκησις καὶ ἀπεφασίσθη ἡ ἀναδιοργάνωσις τῶν τμημάτων. Ἐγένοντο ἐγγραφαὶ πολλῶν νέων μελῶν, γεγονὸς τὸ ὁποῖον καταδεικνύει τὴν αὔξουσαν ἐπιρροὴν τῆς ὀργανώσεως μεταξὺ τῶν ἐργατῶν τοῦ κλάδου.

Αἱ ζημίαι τῶν κρατικῶν ἀτμοπλοίων ἀνῆλθον κατὰ τὸ λῆξαν ἔτος εἰς πολλὰ ἑκατομμύρια, καταβαλλόμενα φυσικὰ ἐκ τοῦ δημοσίου ταμείου.

(Ἡ συνέχεια εἰς τὴν Δ′. Σελίδα)
Ο ΚΥΒΕΡΝΗΤΗΣ ΤΗΣ «ΕΛΕΥΘΕΡΙΑΣ» ΠΡΟΣ ΤΟΝ ΛΑΟΝ ΤΟΥ
Σᾶς ἔδωσα ὅσα τὰ περιωρισμένα μέσα τοῦ τόπου σας ἐπέτρεπον…
Πτωχὴν μά… τιμίαν καὶ καλοκάγαθον δημοκρατίαν…	…ἀλλὰ ἐξακολουθεῖτε νὰ μοῦ γογγύζετε ἀχάριστοι. Μὴν ξεχνᾶτε ὅτι…
Πτωχοὶ μὰ καλοκαγαθεῖς… γεμᾶτοι εὐγνωμοσύνην…	…ἔχει ὁ Θεός… καὶ ὁ Κύριος. Νόμος…
